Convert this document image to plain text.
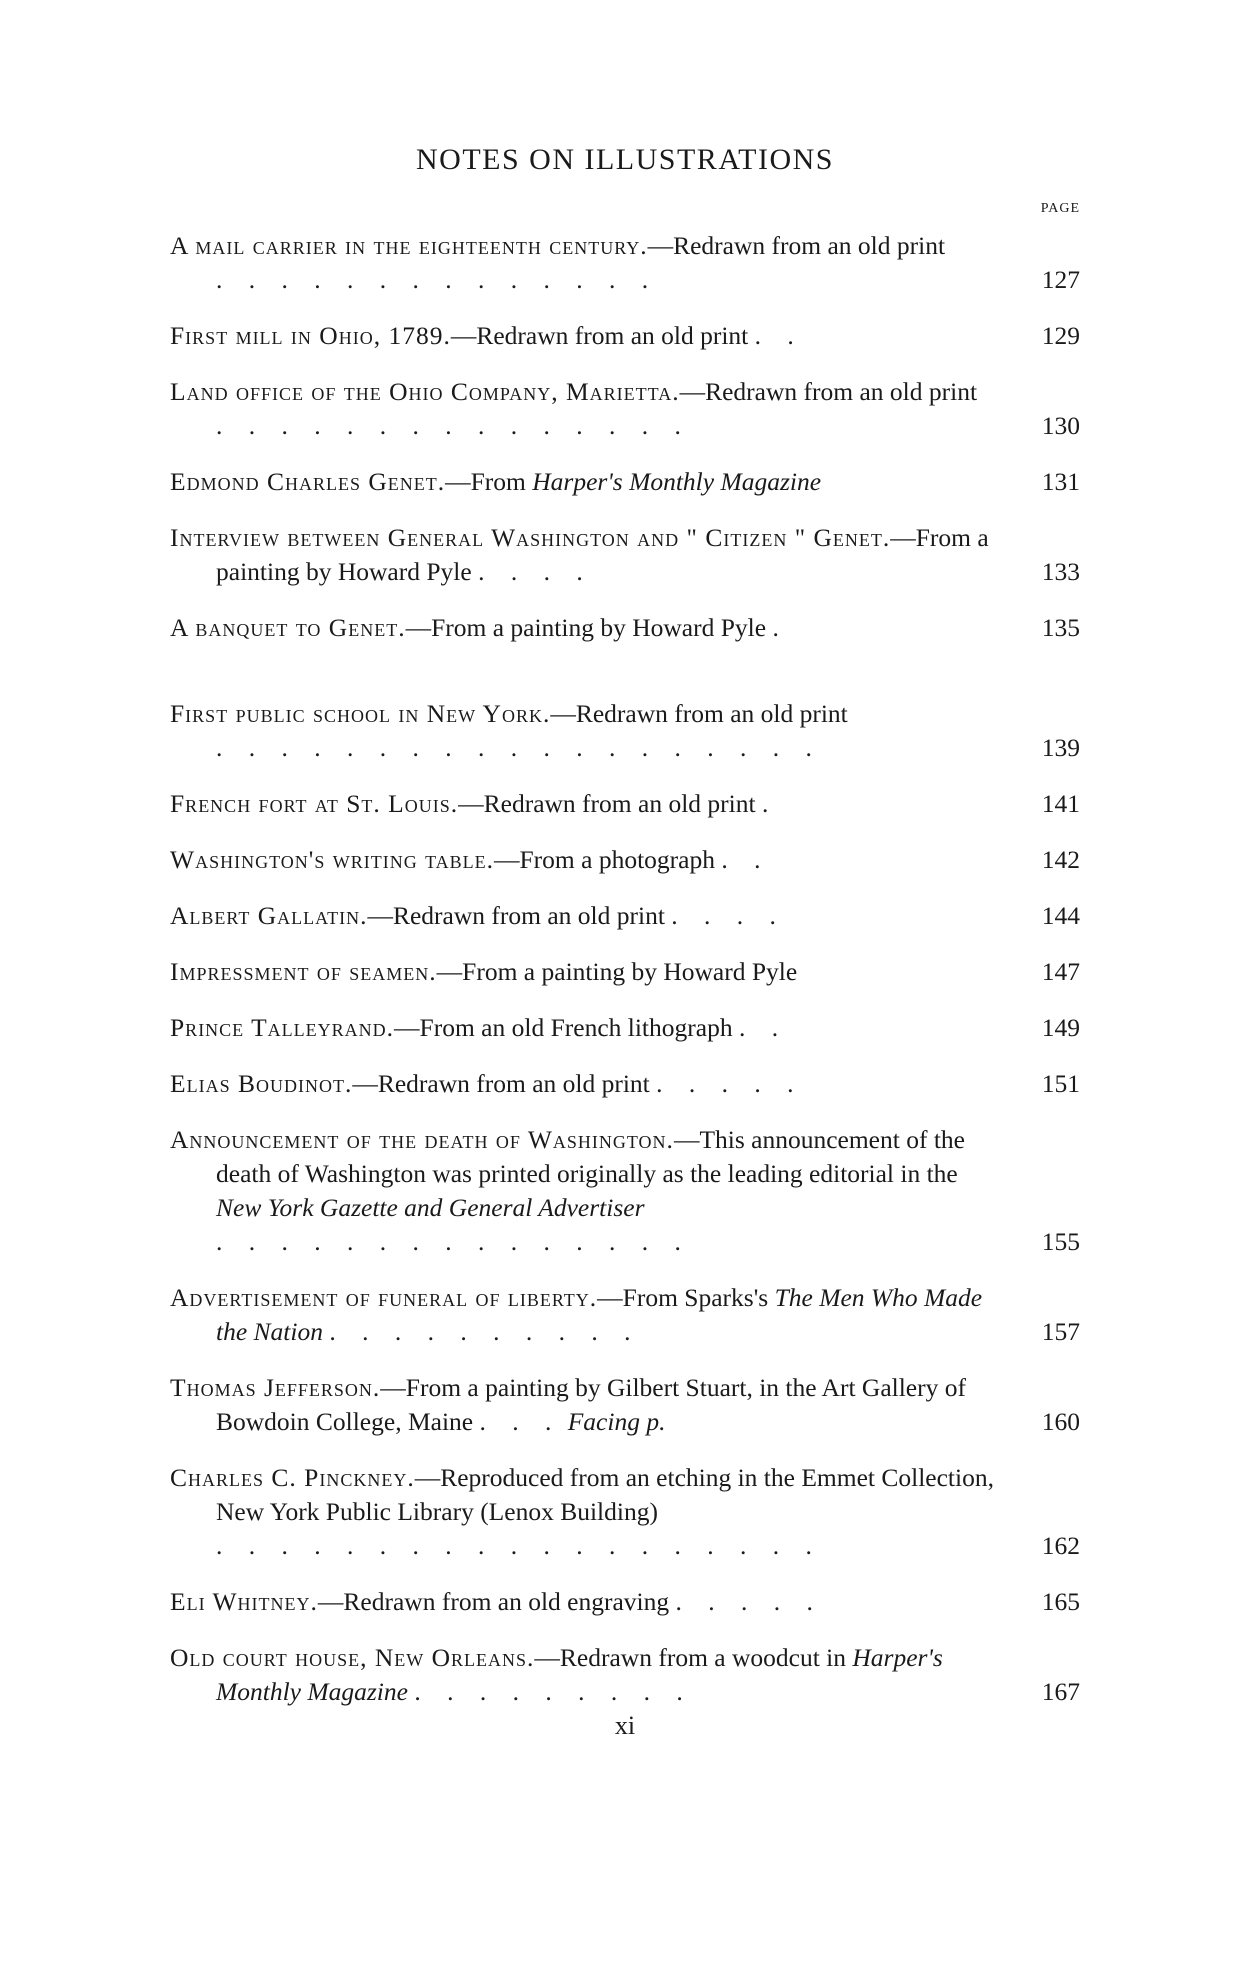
NOTES ON ILLUSTRATIONS
PAGE
A mail carrier in the eighteenth century.—Redrawn from an old print . . . . . . . . . . . . . .	127
First mill in Ohio, 1789.—Redrawn from an old print . .	129
Land office of the Ohio Company, Marietta.—Redrawn from an old print . . . . . . . . . . . . . . .	130
Edmond Charles Genet.—From Harper's Monthly Magazine	131
Interview between General Washington and " Citizen " Genet.—From a painting by Howard Pyle . . . .	133
A banquet to Genet.—From a painting by Howard Pyle .	135
First public school in New York.—Redrawn from an old print . . . . . . . . . . . . . . . . . . .	139
French fort at St. Louis.—Redrawn from an old print .	141
Washington's writing table.—From a photograph . .	142
Albert Gallatin.—Redrawn from an old print . . . .	144
Impressment of seamen.—From a painting by Howard Pyle	147
Prince Talleyrand.—From an old French lithograph . .	149
Elias Boudinot.—Redrawn from an old print . . . . .	151
Announcement of the death of Washington.—This announcement of the death of Washington was printed originally as the leading editorial in the New York Gazette and General Advertiser . . . . . . . . . . . . . . .	155
Advertisement of funeral of liberty.—From Sparks's The Men Who Made the Nation . . . . . . . . . .	157
Thomas Jefferson.—From a painting by Gilbert Stuart, in the Art Gallery of Bowdoin College, Maine . . . Facing p.	160
Charles C. Pinckney.—Reproduced from an etching in the Emmet Collection, New York Public Library (Lenox Building) . . . . . . . . . . . . . . . . . . .	162
Eli Whitney.—Redrawn from an old engraving . . . . .	165
Old court house, New Orleans.—Redrawn from a woodcut in Harper's Monthly Magazine . . . . . . . . .	167
xi
